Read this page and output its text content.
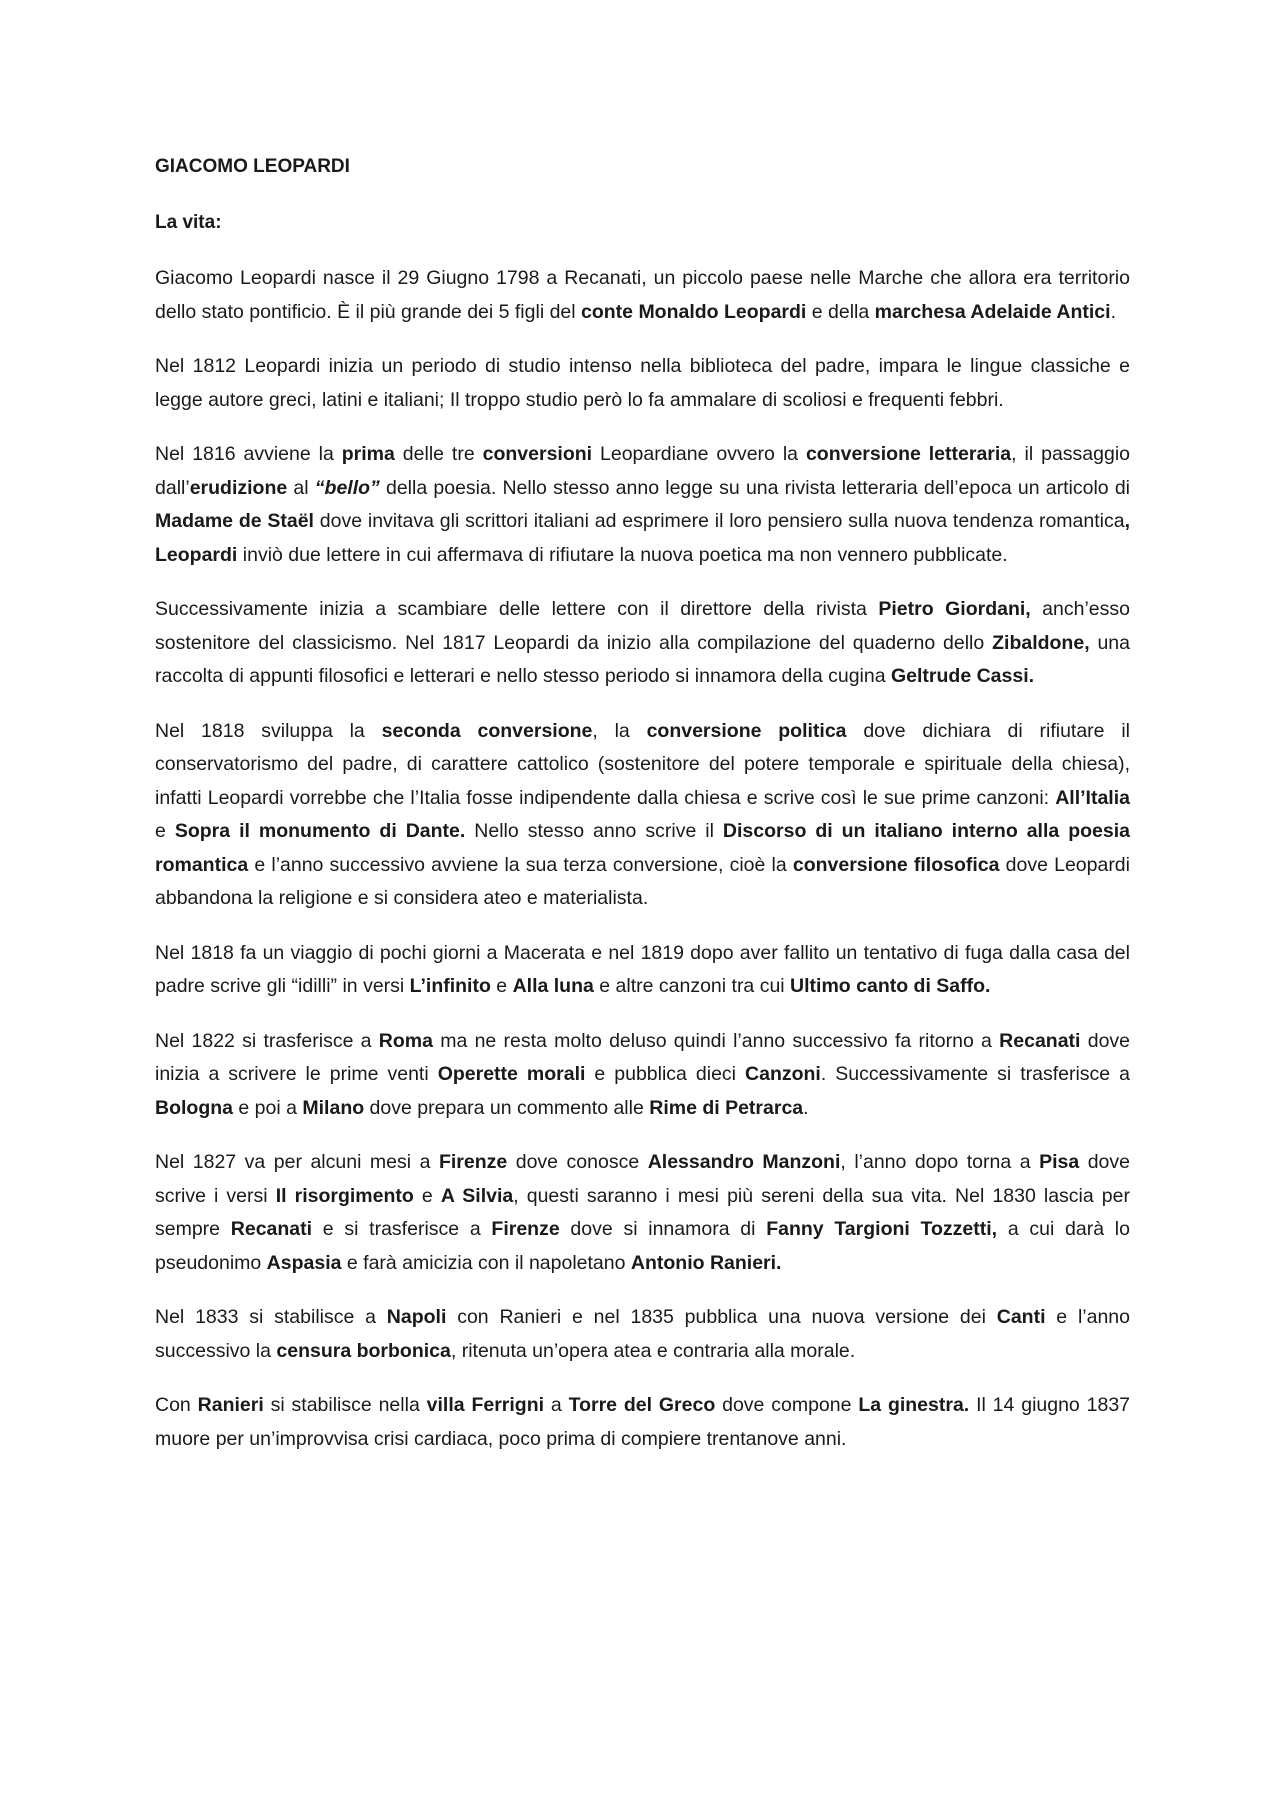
GIACOMO LEOPARDI
La vita:

Giacomo Leopardi nasce il 29 Giugno 1798 a Recanati, un piccolo paese nelle Marche che allora era territorio dello stato pontificio. È il più grande dei 5 figli del conte Monaldo Leopardi e della marchesa Adelaide Antici.

Nel 1812 Leopardi inizia un periodo di studio intenso nella biblioteca del padre, impara le lingue classiche e legge autore greci, latini e italiani; Il troppo studio però lo fa ammalare di scoliosi e frequenti febbri.

Nel 1816 avviene la prima delle tre conversioni Leopardiane ovvero la conversione letteraria, il passaggio dall’erudizione al “bello” della poesia. Nello stesso anno legge su una rivista letteraria dell’epoca un articolo di Madame de Staël dove invitava gli scrittori italiani ad esprimere il loro pensiero sulla nuova tendenza romantica, Leopardi inviò due lettere in cui affermava di rifiutare la nuova poetica ma non vennero pubblicate.

Successivamente inizia a scambiare delle lettere con il direttore della rivista Pietro Giordani, anch’esso sostenitore del classicismo. Nel 1817 Leopardi da inizio alla compilazione del quaderno dello Zibaldone, una raccolta di appunti filosofici e letterari e nello stesso periodo si innamora della cugina Geltrude Cassi.

Nel 1818 sviluppa la seconda conversione, la conversione politica dove dichiara di rifiutare il conservatorismo del padre, di carattere cattolico (sostenitore del potere temporale e spirituale della chiesa), infatti Leopardi vorrebbe che l’Italia fosse indipendente dalla chiesa e scrive così le sue prime canzoni: All’Italia e Sopra il monumento di Dante. Nello stesso anno scrive il Discorso di un italiano interno alla poesia romantica e l’anno successivo avviene la sua terza conversione, cioè la conversione filosofica dove Leopardi abbandona la religione e si considera ateo e materialista.

Nel 1818 fa un viaggio di pochi giorni a Macerata e nel 1819 dopo aver fallito un tentativo di fuga dalla casa del padre scrive gli “idilli” in versi L’infinito e Alla luna e altre canzoni tra cui Ultimo canto di Saffo.

Nel 1822 si trasferisce a Roma ma ne resta molto deluso quindi l’anno successivo fa ritorno a Recanati dove inizia a scrivere le prime venti Operette morali e pubblica dieci Canzoni. Successivamente si trasferisce a Bologna e poi a Milano dove prepara un commento alle Rime di Petrarca.

Nel 1827 va per alcuni mesi a Firenze dove conosce Alessandro Manzoni, l’anno dopo torna a Pisa dove scrive i versi Il risorgimento e A Silvia, questi saranno i mesi più sereni della sua vita. Nel 1830 lascia per sempre Recanati e si trasferisce a Firenze dove si innamora di Fanny Targioni Tozzetti, a cui darà lo pseudonimo Aspasia e farà amicizia con il napoletano Antonio Ranieri.

Nel 1833 si stabilisce a Napoli con Ranieri e nel 1835 pubblica una nuova versione dei Canti e l’anno successivo la censura borbonica, ritenuta un’opera atea e contraria alla morale.

Con Ranieri si stabilisce nella villa Ferrigni a Torre del Greco dove compone La ginestra. Il 14 giugno 1837 muore per un’improvvisa crisi cardiaca, poco prima di compiere trentanove anni.
